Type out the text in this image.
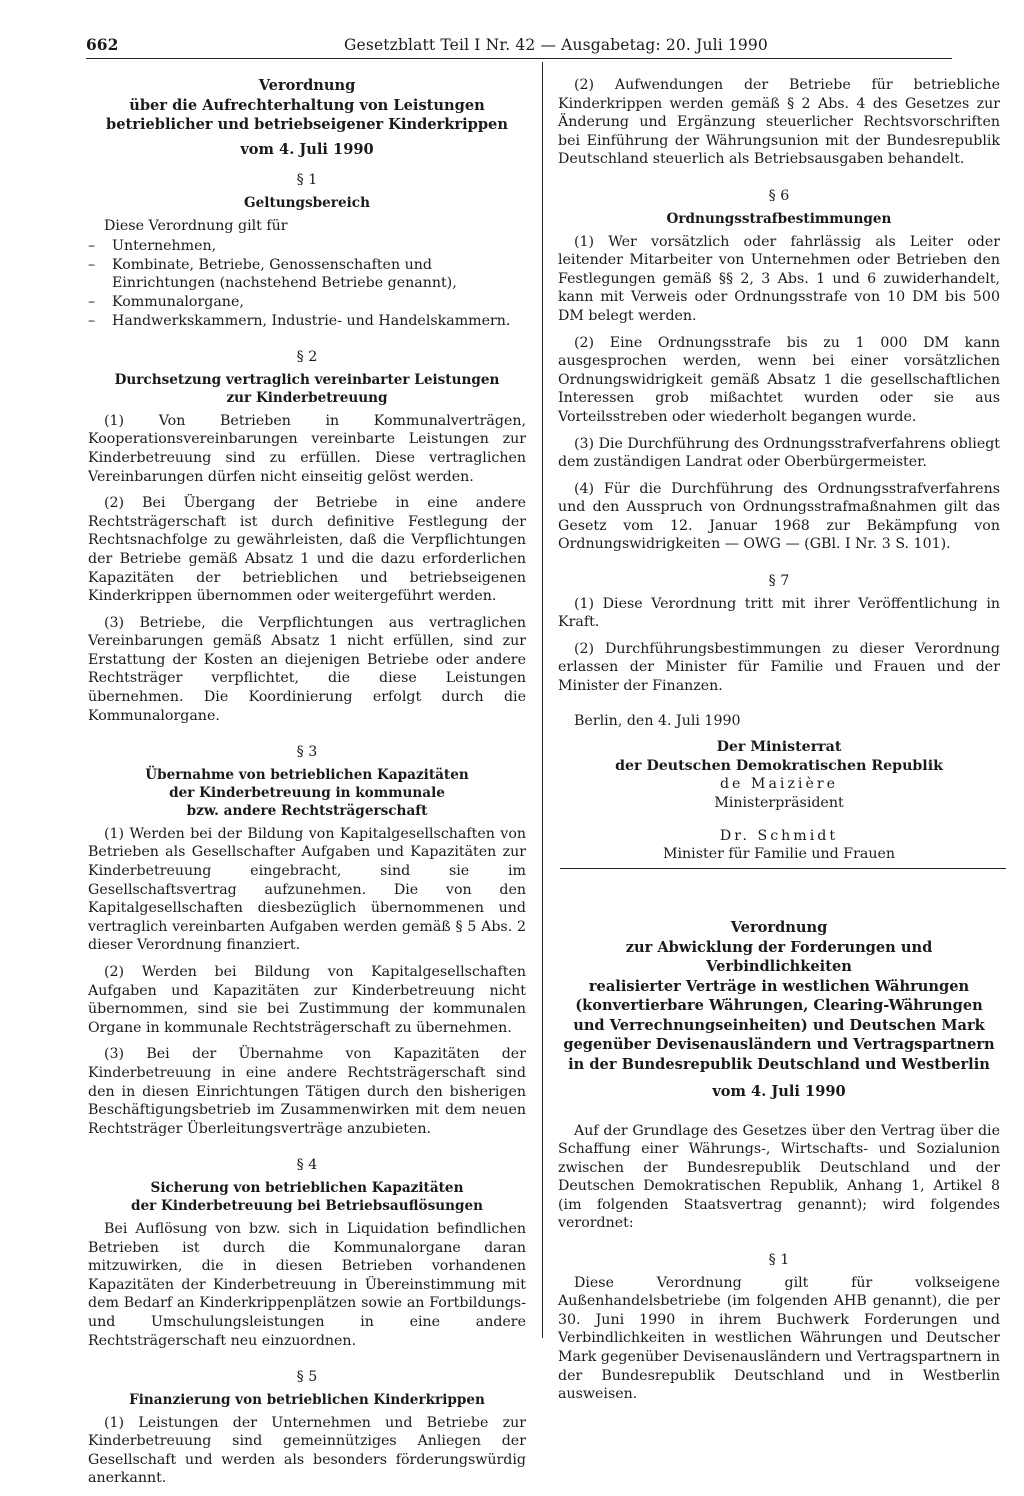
662	Gesetzblatt Teil I Nr. 42 — Ausgabetag: 20. Juli 1990
Verordnung
über die Aufrechterhaltung von Leistungen
betrieblicher und betriebseigener Kinderkrippen
vom 4. Juli 1990
§ 1
Geltungsbereich

Diese Verordnung gilt für

– Unternehmen,
– Kombinate, Betriebe, Genossenschaften und Einrichtungen (nachstehend Betriebe genannt),
– Kommunalorgane,
– Handwerkskammern, Industrie- und Handelskammern.
§ 2
Durchsetzung vertraglich vereinbarter Leistungen
zur Kinderbetreuung

(1) Von Betrieben in Kommunalverträgen, Kooperationsvereinbarungen vereinbarte Leistungen zur Kinderbetreuung sind zu erfüllen. Diese vertraglichen Vereinbarungen dürfen nicht einseitig gelöst werden.

(2) Bei Übergang der Betriebe in eine andere Rechtsträgerschaft ist durch definitive Festlegung der Rechtsnachfolge zu gewährleisten, daß die Verpflichtungen der Betriebe gemäß Absatz 1 und die dazu erforderlichen Kapazitäten der betrieblichen und betriebseigenen Kinderkrippen übernommen oder weitergeführt werden.

(3) Betriebe, die Verpflichtungen aus vertraglichen Vereinbarungen gemäß Absatz 1 nicht erfüllen, sind zur Erstattung der Kosten an diejenigen Betriebe oder andere Rechtsträger verpflichtet, die diese Leistungen übernehmen. Die Koordinierung erfolgt durch die Kommunalorgane.

§ 3
Übernahme von betrieblichen Kapazitäten
der Kinderbetreuung in kommunale
bzw. andere Rechtsträgerschaft

(1) Werden bei der Bildung von Kapitalgesellschaften von Betrieben als Gesellschafter Aufgaben und Kapazitäten zur Kinderbetreuung eingebracht, sind sie im Gesellschaftsvertrag aufzunehmen. Die von den Kapitalgesellschaften diesbezüglich übernommenen und vertraglich vereinbarten Aufgaben werden gemäß § 5 Abs. 2 dieser Verordnung finanziert.

(2) Werden bei Bildung von Kapitalgesellschaften Aufgaben und Kapazitäten zur Kinderbetreuung nicht übernommen, sind sie bei Zustimmung der kommunalen Organe in kommunale Rechtsträgerschaft zu übernehmen.

(3) Bei der Übernahme von Kapazitäten der Kinderbetreuung in eine andere Rechtsträgerschaft sind den in diesen Einrichtungen Tätigen durch den bisherigen Beschäftigungsbetrieb im Zusammenwirken mit dem neuen Rechtsträger Überleitungsverträge anzubieten.

§ 4
Sicherung von betrieblichen Kapazitäten
der Kinderbetreuung bei Betriebsauflösungen

Bei Auflösung von bzw. sich in Liquidation befindlichen Betrieben ist durch die Kommunalorgane daran mitzuwirken, die in diesen Betrieben vorhandenen Kapazitäten der Kinderbetreuung in Übereinstimmung mit dem Bedarf an Kinderkrippenplätzen sowie an Fortbildungs- und Umschulungsleistungen in eine andere Rechtsträgerschaft neu einzuordnen.

§ 5
Finanzierung von betrieblichen Kinderkrippen

(1) Leistungen der Unternehmen und Betriebe zur Kinderbetreuung sind gemeinnütziges Anliegen der Gesellschaft und werden als besonders förderungswürdig anerkannt.

(2) Aufwendungen der Betriebe für betriebliche Kinderkrippen werden gemäß § 2 Abs. 4 des Gesetzes zur Änderung und Ergänzung steuerlicher Rechtsvorschriften bei Einführung der Währungsunion mit der Bundesrepublik Deutschland steuerlich als Betriebsausgaben behandelt.

§ 6
Ordnungsstrafbestimmungen

(1) Wer vorsätzlich oder fahrlässig als Leiter oder leitender Mitarbeiter von Unternehmen oder Betrieben den Festlegungen gemäß §§ 2, 3 Abs. 1 und 6 zuwiderhandelt, kann mit Verweis oder Ordnungsstrafe von 10 DM bis 500 DM belegt werden.

(2) Eine Ordnungsstrafe bis zu 1 000 DM kann ausgesprochen werden, wenn bei einer vorsätzlichen Ordnungswidrigkeit gemäß Absatz 1 die gesellschaftlichen Interessen grob mißachtet wurden oder sie aus Vorteilsstreben oder wiederholt begangen wurde.

(3) Die Durchführung des Ordnungsstrafverfahrens obliegt dem zuständigen Landrat oder Oberbürgermeister.

(4) Für die Durchführung des Ordnungsstrafverfahrens und den Ausspruch von Ordnungsstrafmaßnahmen gilt das Gesetz vom 12. Januar 1968 zur Bekämpfung von Ordnungswidrigkeiten — OWG — (GBl. I Nr. 3 S. 101).

§ 7

(1) Diese Verordnung tritt mit ihrer Veröffentlichung in Kraft.

(2) Durchführungsbestimmungen zu dieser Verordnung erlassen der Minister für Familie und Frauen und der Minister der Finanzen.

Berlin, den 4. Juli 1990

Der Ministerrat
der Deutschen Demokratischen Republik
de Maizière
Ministerpräsident
Dr. Schmidt
Minister für Familie und Frauen
Verordnung
zur Abwicklung der Forderungen und Verbindlichkeiten
realisierter Verträge in westlichen Währungen
(konvertierbare Währungen, Clearing-Währungen
und Verrechnungseinheiten) und Deutschen Mark
gegenüber Devisenausländern und Vertragspartnern
in der Bundesrepublik Deutschland und Westberlin
vom 4. Juli 1990

Auf der Grundlage des Gesetzes über den Vertrag über die Schaffung einer Währungs-, Wirtschafts- und Sozialunion zwischen der Bundesrepublik Deutschland und der Deutschen Demokratischen Republik, Anhang 1, Artikel 8 (im folgenden Staatsvertrag genannt); wird folgendes verordnet:

§ 1

Diese Verordnung gilt für volkseigene Außenhandelsbetriebe (im folgenden AHB genannt), die per 30. Juni 1990 in ihrem Buchwerk Forderungen und Verbindlichkeiten in westlichen Währungen und Deutscher Mark gegenüber Devisenausländern und Vertragspartnern in der Bundesrepublik Deutschland und in Westberlin ausweisen.
